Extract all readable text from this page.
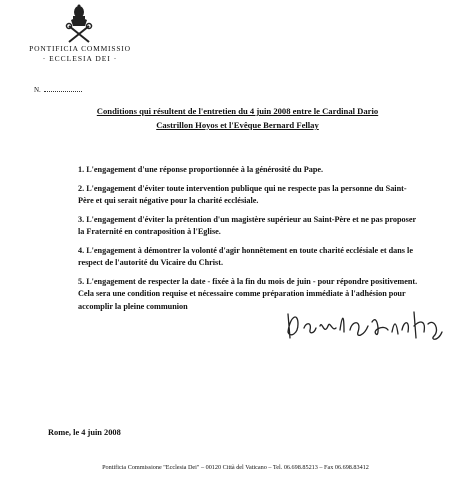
PONTIFICIA COMMISSIO
· ECCLESIA DEI ·
N.
Conditions qui résultent de l'entretien du 4 juin 2008 entre le Cardinal Dario
Castrillon Hoyos et l'Evêque Bernard Fellay

1. L'engagement d'une réponse proportionnée à la générosité du Pape.

2. L'engagement d'éviter toute intervention publique qui ne respecte pas la personne du Saint-Père et qui serait négative pour la charité ecclésiale.

3. L'engagement d'éviter la prétention d'un magistère supérieur au Saint-Père et ne pas proposer la Fraternité en contraposition à l'Eglise.

4. L'engagement à démontrer la volonté d'agir honnêtement en toute charité ecclésiale et dans le respect de l'autorité du Vicaire du Christ.

5. L'engagement de respecter la date - fixée à la fin du mois de juin - pour répondre positivement. Cela sera une condition requise et nécessaire comme préparation immédiate à l'adhésion pour accomplir la pleine communion

Rome, le 4 juin 2008
Pontificia Commissione "Ecclesia Dei" – 00120 Città del Vaticano – Tel. 06.698.85213 – Fax 06.698.83412
